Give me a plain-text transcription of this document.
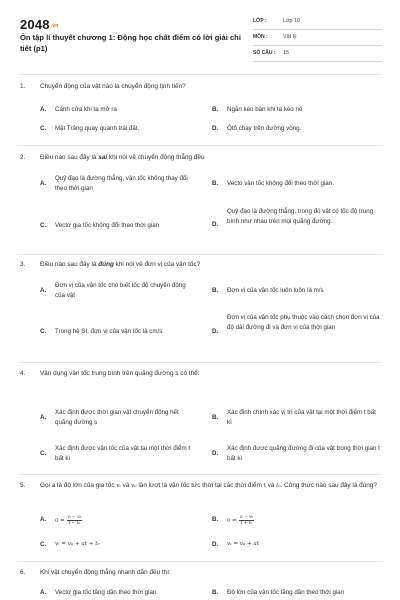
$2048^{.vn}$
Ôn tập lí thuyết chương 1: Động học chất điểm có lời giải chi tiết (p1)
LỚP :	Lớp 10
MÔN :	Vật lý
SỐ CÂU : 15
1. Chuyển động của vật nào là chuyển động tịnh tiến?
A. Cánh cửa khi ta mở ra	B. Ngăn kéo bàn khi ta kéo nó
C. Mặt Trăng quay quanh trái đất.	D. Ôtô chạy trên đường vòng.
2. Điều nào sau đây là sai khi nói về chuyển động thẳng đều
A.
Quỹ đạo là đường thẳng, vận tốc không thay đổi theo thời gian
B. Vecto vận tốc không đổi theo thời gian.
C. Vectơ gia tốc không đổi theo thời gian	D.
Quỹ đạo là đường thẳng, trong đó vật có tốc độ trung bình như nhau trên mọi quãng đường.
3. Điều nào sau đây là đúng khi nói về đơn vị của vận tốc?
A.
Đơn vị của vận tốc cho biết tốc độ chuyển động của vật
B. Đơn vị của vận tốc luôn luôn là m/s
C. Trong hệ SI, đơn vị của vận tốc là cm/s	D.
Đơn vị của vận tốc phụ thuộc vào cách chọn đơn vị của độ dài đường đi và đơn vị của thời gian
4. Vận dụng vận tốc trung bình trên quãng đường s có thể:
A.
Xác định được thời gian vật chuyển động hết quãng đường s
B.
Xác định chính xác vị trí của vật tại một thời điểm t bất kì
C.
Xác định được vận tốc của vật tại một thời điểm t bất kì
D.
Xác định được quãng đường đi của vật trong thời gian t bất kì
5. Gọi a là độ lớn của gia tốc vₜ và v₀ lần lượt là vận tốc tức thời tại các thời điểm t và t₀. Công thức nào sau đây là đúng?
A. $a = \frac{\text{vₜ − v₀}}{\text{t − t₀}}$	B. $a = \frac{\text{vₜ − v₀}}{\text{t + t₀}}$
C. vₜ = v₀ + at + t₀	D. vₜ = v₀ + at
6. Khi vật chuyển động thẳng nhanh dần đều thì:
A. Vectơ gia tốc tăng dần theo thời gian.	B. Độ lớn của vận tốc tăng dần theo thời gian
